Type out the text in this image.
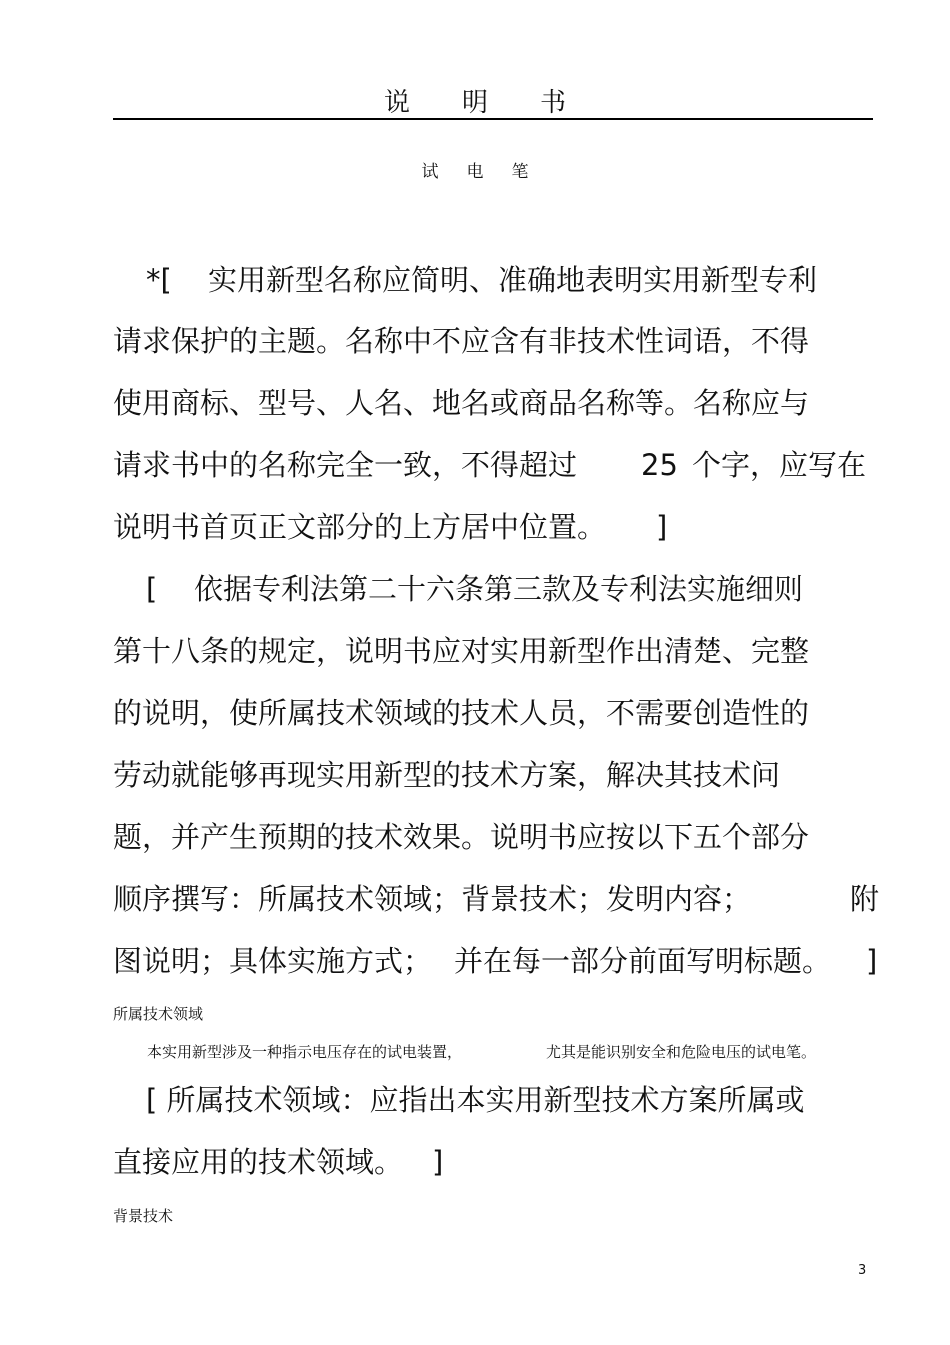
说 明 书
试 电 笔
*[ 实用新型名称应简明、准确地表明实用新型专利
请求保护的主题。名称中不应含有非技术性词语，不得
使用商标、型号、人名、地名或商品名称等。名称应与
请求书中的名称完全一致，不得超过 25 个字，应写在
说明书首页正文部分的上方居中位置。 ]
[ 依据专利法第二十六条第三款及专利法实施细则
第十八条的规定，说明书应对实用新型作出清楚、完整
的说明，使所属技术领域的技术人员，不需要创造性的
劳动就能够再现实用新型的技术方案，解决其技术问
题，并产生预期的技术效果。说明书应按以下五个部分
顺序撰写：所属技术领域；背景技术；发明内容；	附
图说明；具体实施方式； 并在每一部分前面写明标题。 ]
所属技术领域
本实用新型涉及一种指示电压存在的试电装置，	尤其是能识别安全和危险电压的试电笔。
[ 所属技术领域：应指出本实用新型技术方案所属或
直接应用的技术领域。 ]
背景技术
3
